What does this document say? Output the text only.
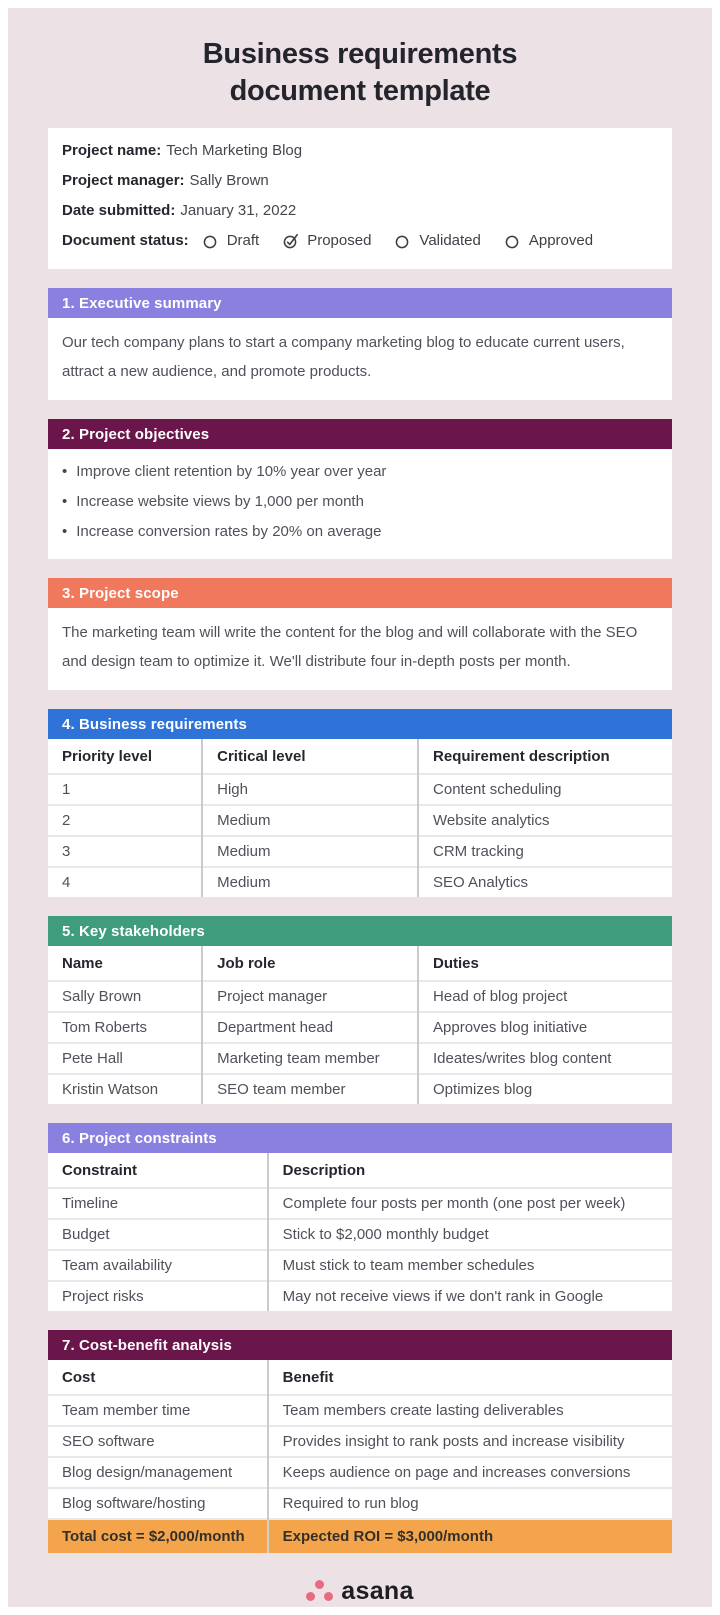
Business requirements
document template
Project name: Tech Marketing Blog
Project manager: Sally Brown
Date submitted: January 31, 2022
Document status:	Draft	Proposed	Validated	Approved
1. Executive summary

Our tech company plans to start a company marketing blog to educate current users, attract a new audience, and promote products.

2. Project objectives
• Improve client retention by 10% year over year
• Increase website views by 1,000 per month
• Increase conversion rates by 20% on average
3. Project scope

The marketing team will write the content for the blog and will collaborate with the SEO and design team to optimize it. We'll distribute four in-depth posts per month.

4. Business requirements
Priority level	Critical level	Requirement description
1	High	Content scheduling
2	Medium	Website analytics
3	Medium	CRM tracking
4	Medium	SEO Analytics
5. Key stakeholders
Name	Job role	Duties
Sally Brown	Project manager	Head of blog project
Tom Roberts	Department head	Approves blog initiative
Pete Hall	Marketing team member	Ideates/writes blog content
Kristin Watson	SEO team member	Optimizes blog
6. Project constraints
Constraint	Description
Timeline	Complete four posts per month (one post per week)
Budget	Stick to $2,000 monthly budget
Team availability	Must stick to team member schedules
Project risks	May not receive views if we don't rank in Google
7. Cost-benefit analysis
Cost	Benefit
Team member time	Team members create lasting deliverables
SEO software	Provides insight to rank posts and increase visibility
Blog design/management	Keeps audience on page and increases conversions
Blog software/hosting	Required to run blog
Total cost = $2,000/month	Expected ROI = $3,000/month
asana
